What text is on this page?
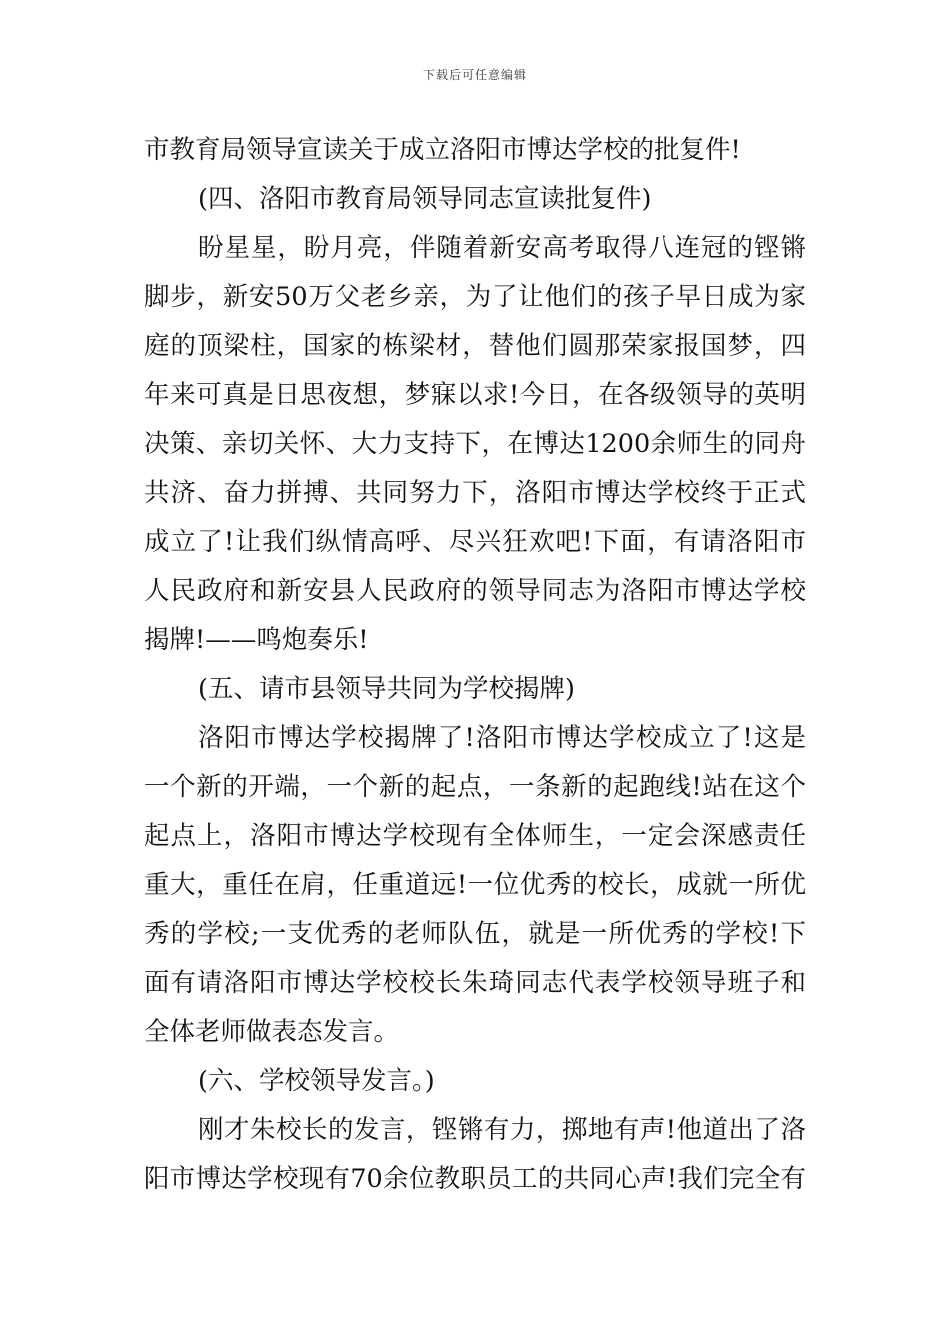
下载后可任意编辑
市教育局领导宣读关于成立洛阳市博达学校的批复件!
(四、洛阳市教育局领导同志宣读批复件)
盼星星，盼月亮，伴随着新安高考取得八连冠的铿锵
脚步，新安50万父老乡亲，为了让他们的孩子早日成为家
庭的顶梁柱，国家的栋梁材，替他们圆那荣家报国梦，四
年来可真是日思夜想，梦寐以求!今日，在各级领导的英明
决策、亲切关怀、大力支持下，在博达1200余师生的同舟
共济、奋力拼搏、共同努力下，洛阳市博达学校终于正式
成立了!让我们纵情高呼、尽兴狂欢吧!下面，有请洛阳市
人民政府和新安县人民政府的领导同志为洛阳市博达学校
揭牌!——鸣炮奏乐!
(五、请市县领导共同为学校揭牌)
洛阳市博达学校揭牌了!洛阳市博达学校成立了!这是
一个新的开端，一个新的起点，一条新的起跑线!站在这个
起点上，洛阳市博达学校现有全体师生，一定会深感责任
重大，重任在肩，任重道远!一位优秀的校长，成就一所优
秀的学校;一支优秀的老师队伍，就是一所优秀的学校!下
面有请洛阳市博达学校校长朱琦同志代表学校领导班子和
全体老师做表态发言。
(六、学校领导发言。)
刚才朱校长的发言，铿锵有力，掷地有声!他道出了洛
阳市博达学校现有70余位教职员工的共同心声!我们完全有
